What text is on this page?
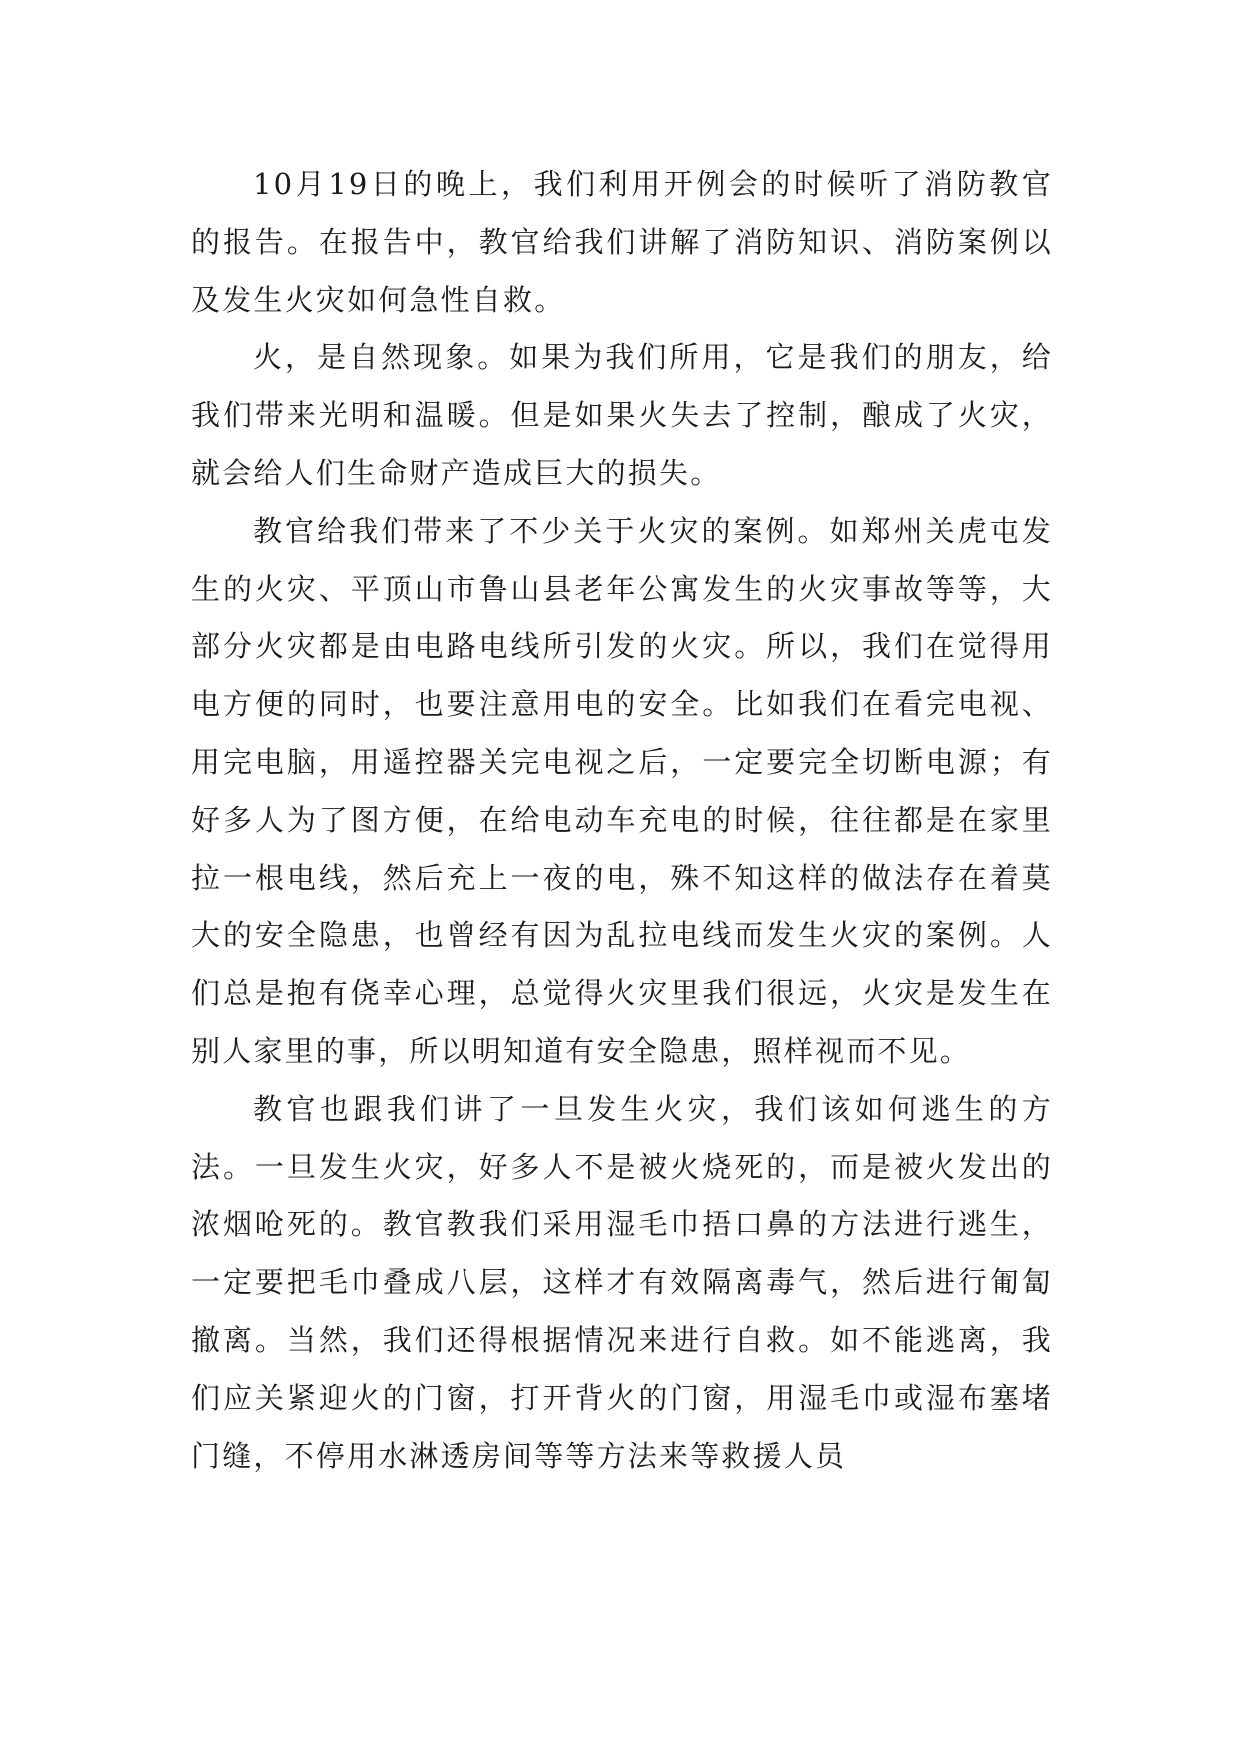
10月19日的晚上，我们利用开例会的时候听了消防教官的报告。在报告中，教官给我们讲解了消防知识、消防案例以及发生火灾如何急性自救。

火，是自然现象。如果为我们所用，它是我们的朋友，给我们带来光明和温暖。但是如果火失去了控制，酿成了火灾，就会给人们生命财产造成巨大的损失。

教官给我们带来了不少关于火灾的案例。如郑州关虎屯发生的火灾、平顶山市鲁山县老年公寓发生的火灾事故等等，大部分火灾都是由电路电线所引发的火灾。所以，我们在觉得用电方便的同时，也要注意用电的安全。比如我们在看完电视、用完电脑，用遥控器关完电视之后，一定要完全切断电源；有好多人为了图方便，在给电动车充电的时候，往往都是在家里拉一根电线，然后充上一夜的电，殊不知这样的做法存在着莫大的安全隐患，也曾经有因为乱拉电线而发生火灾的案例。人们总是抱有侥幸心理，总觉得火灾里我们很远，火灾是发生在别人家里的事，所以明知道有安全隐患，照样视而不见。

教官也跟我们讲了一旦发生火灾，我们该如何逃生的方法。一旦发生火灾，好多人不是被火烧死的，而是被火发出的浓烟呛死的。教官教我们采用湿毛巾捂口鼻的方法进行逃生，一定要把毛巾叠成八层，这样才有效隔离毒气，然后进行匍匐撤离。当然，我们还得根据情况来进行自救。如不能逃离，我们应关紧迎火的门窗，打开背火的门窗，用湿毛巾或湿布塞堵门缝，不停用水淋透房间等等方法来等救援人员
